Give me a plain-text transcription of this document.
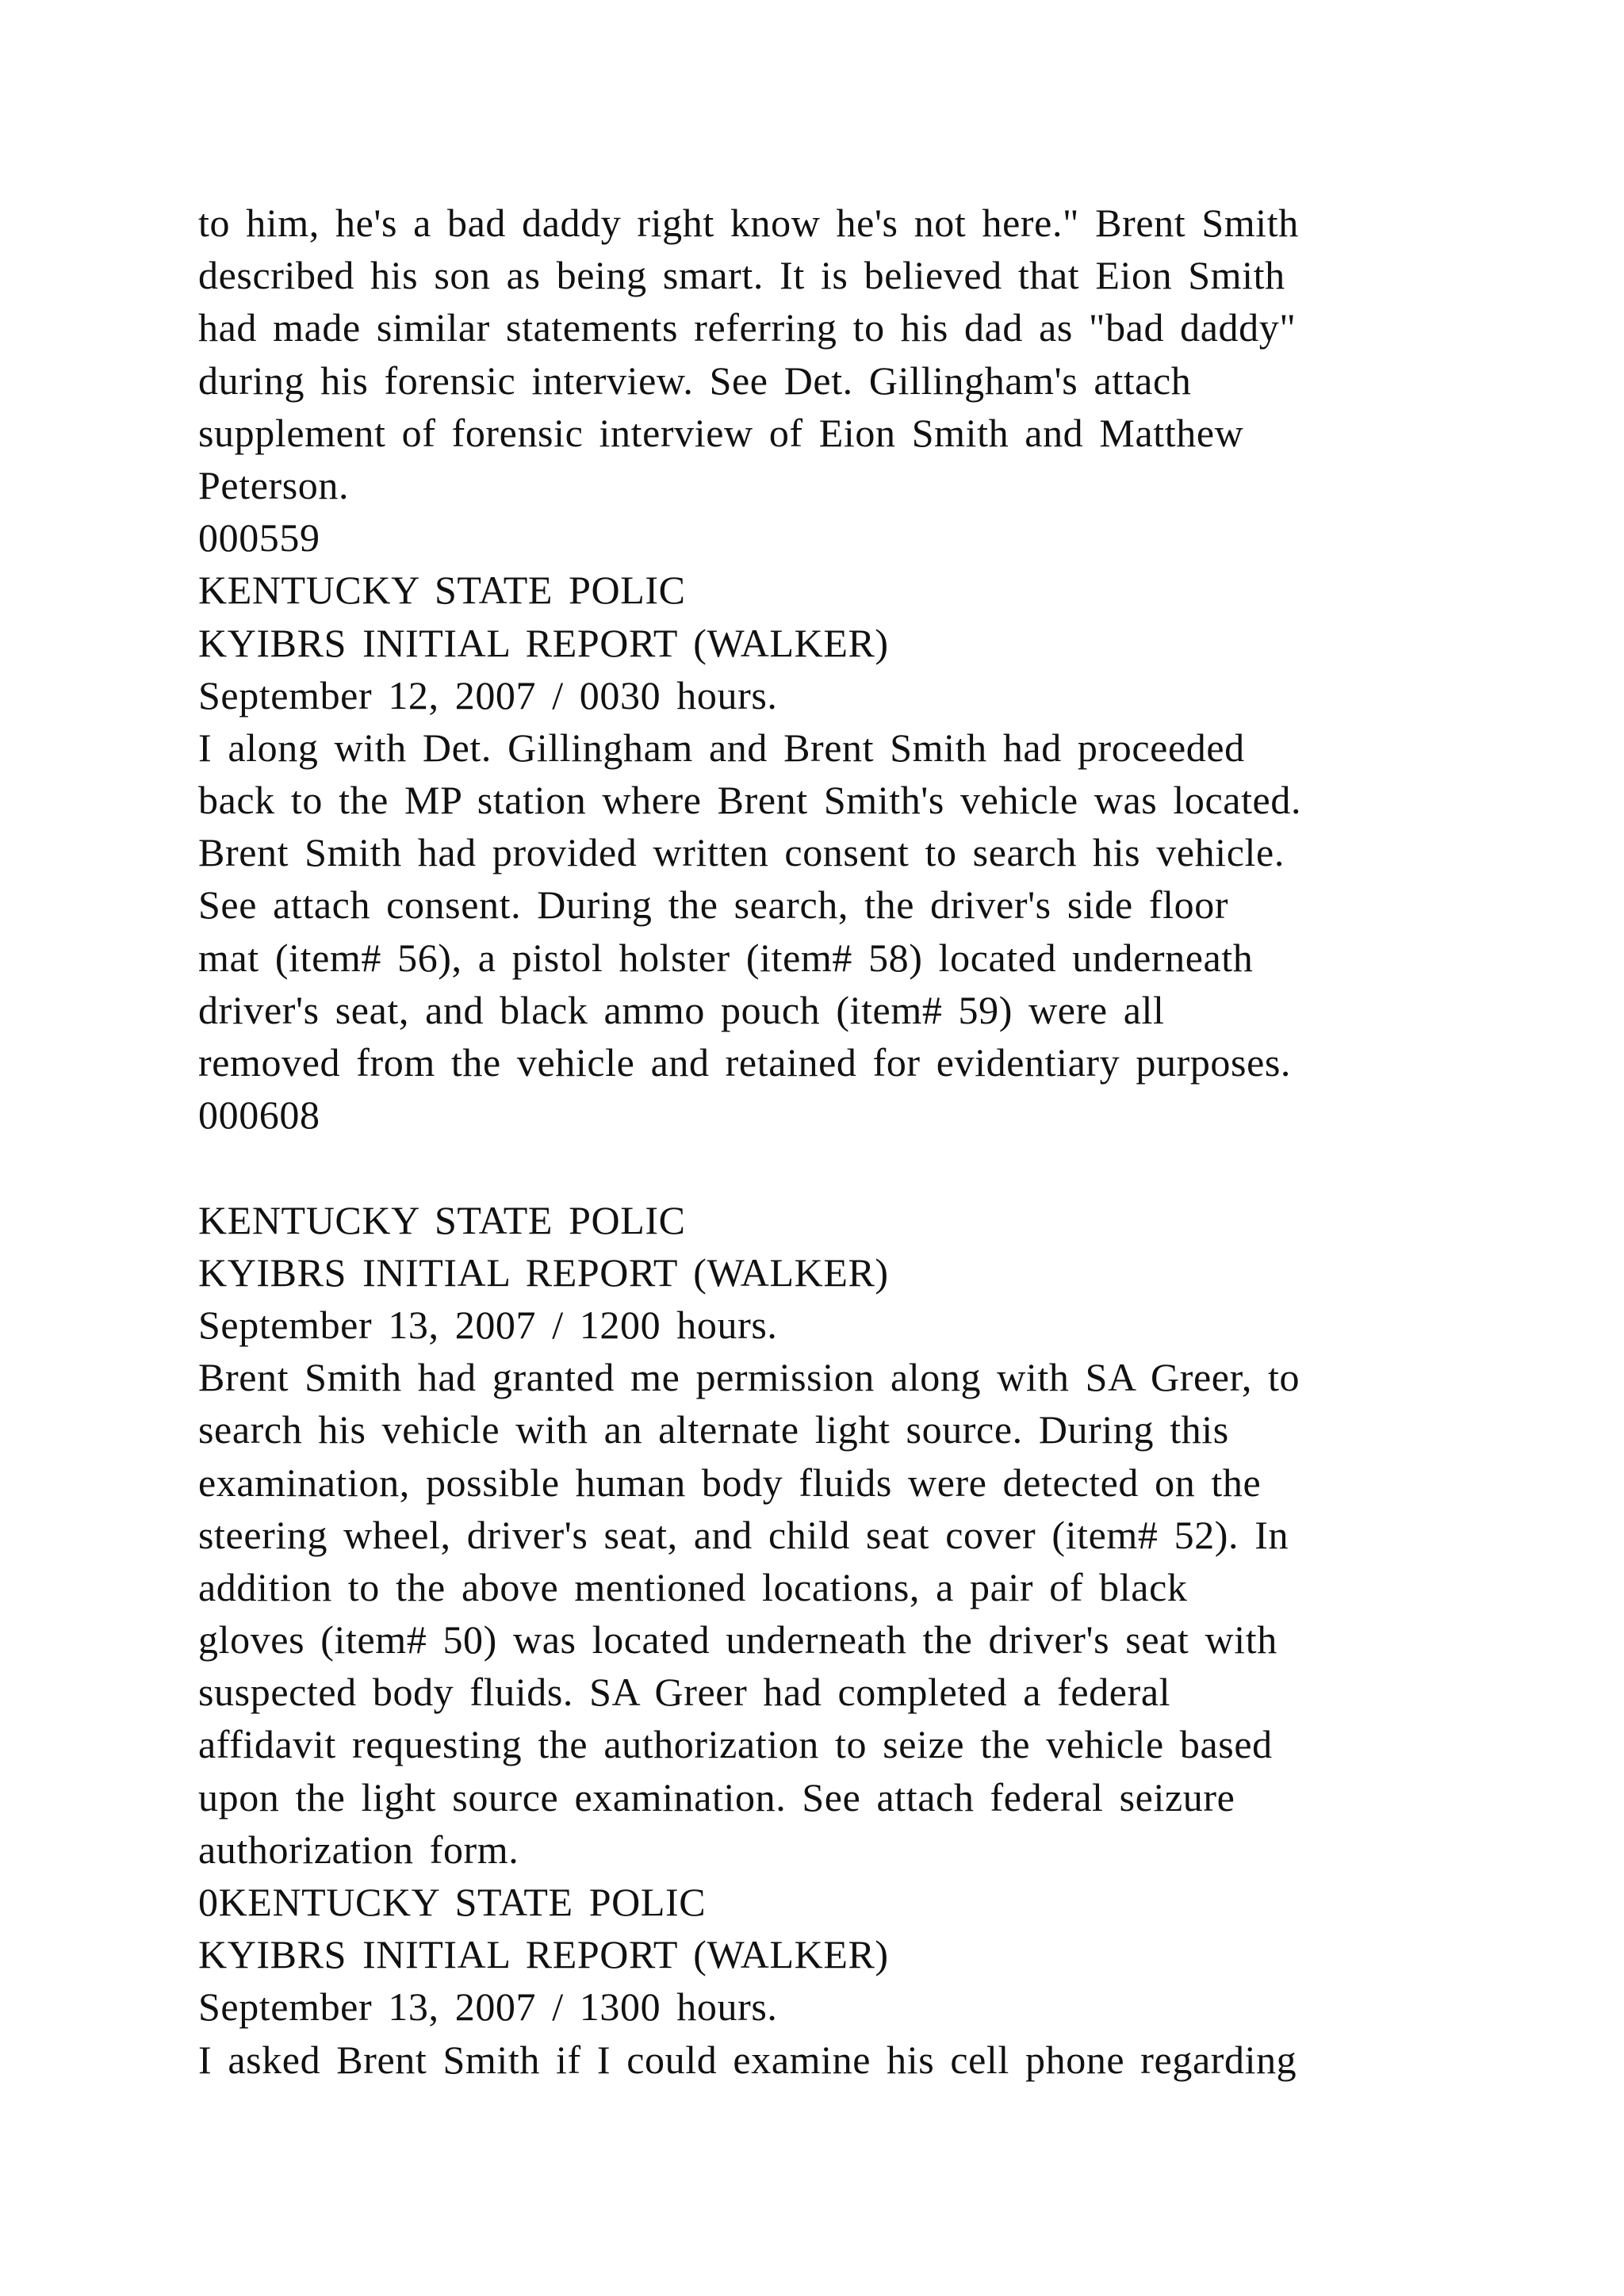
to him, he's a bad daddy right know he's not here." Brent Smith
described his son as being smart. It is believed that Eion Smith
had made similar statements referring to his dad as "bad daddy"
during his forensic interview. See Det. Gillingham's attach
supplement of forensic interview of Eion Smith and Matthew
Peterson.
000559
KENTUCKY STATE POLIC
KYIBRS INITIAL REPORT (WALKER)
September 12, 2007 / 0030 hours.
I along with Det. Gillingham and Brent Smith had proceeded
back to the MP station where Brent Smith's vehicle was located.
Brent Smith had provided written consent to search his vehicle.
See attach consent. During the search, the driver's side floor
mat (item# 56), a pistol holster (item# 58) located underneath
driver's seat, and black ammo pouch (item# 59) were all
removed from the vehicle and retained for evidentiary purposes.
000608
KENTUCKY STATE POLIC
KYIBRS INITIAL REPORT (WALKER)
September 13, 2007 / 1200 hours.
Brent Smith had granted me permission along with SA Greer, to
search his vehicle with an alternate light source. During this
examination, possible human body fluids were detected on the
steering wheel, driver's seat, and child seat cover (item# 52). In
addition to the above mentioned locations, a pair of black
gloves (item# 50) was located underneath the driver's seat with
suspected body fluids. SA Greer had completed a federal
affidavit requesting the authorization to seize the vehicle based
upon the light source examination. See attach federal seizure
authorization form.
0KENTUCKY STATE POLIC
KYIBRS INITIAL REPORT (WALKER)
September 13, 2007 / 1300 hours.
I asked Brent Smith if I could examine his cell phone regarding
